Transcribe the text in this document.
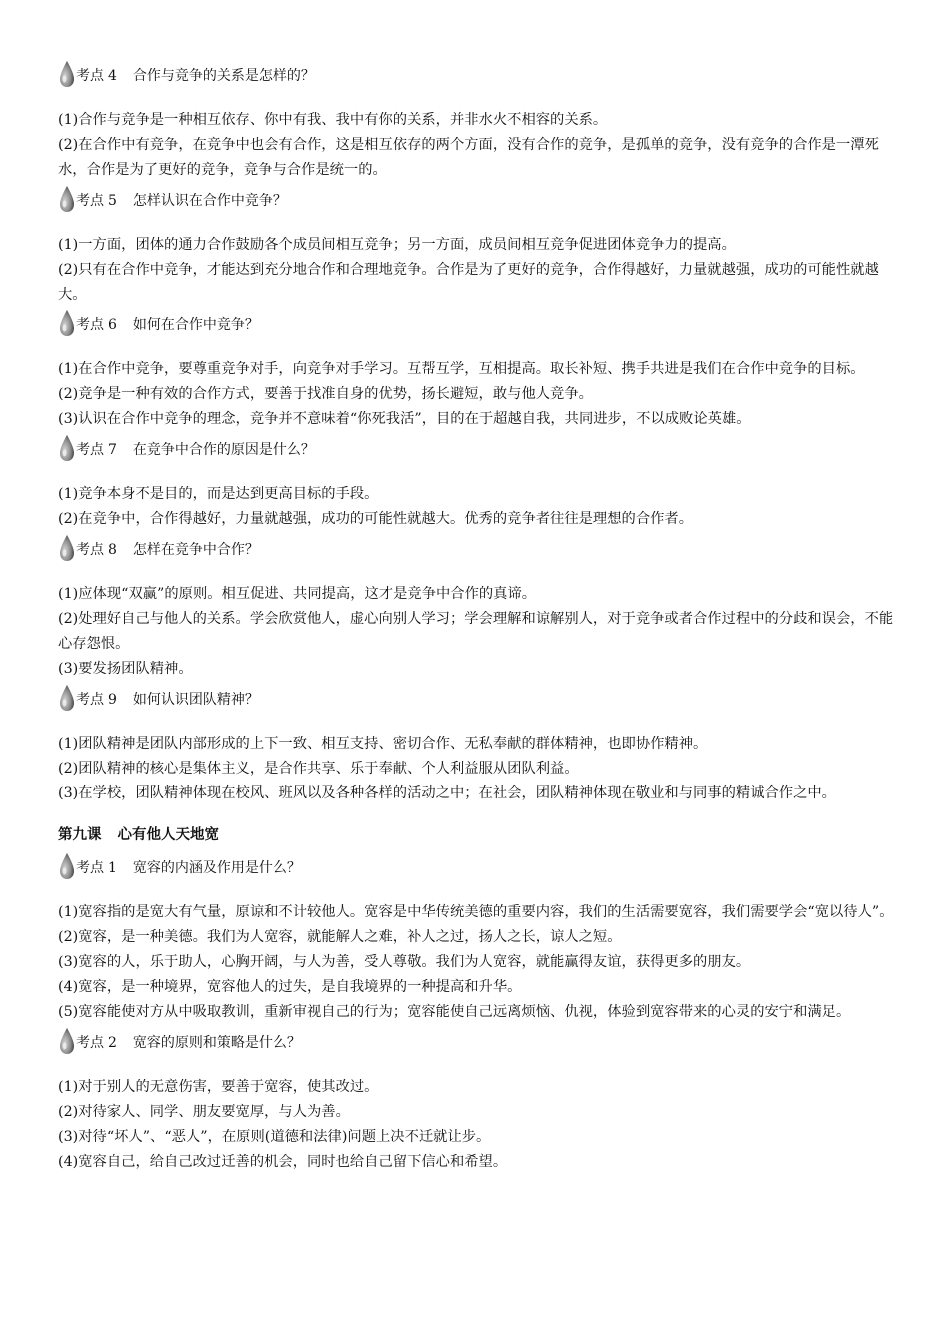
考点 4 合作与竞争的关系是怎样的？

(1)合作与竞争是一种相互依存、你中有我、我中有你的关系，并非水火不相容的关系。

(2)在合作中有竞争，在竞争中也会有合作，这是相互依存的两个方面，没有合作的竞争，是孤单的竞争，没有竞争的合作是一潭死水，合作是为了更好的竞争，竞争与合作是统一的。

考点 5 怎样认识在合作中竞争？

(1)一方面，团体的通力合作鼓励各个成员间相互竞争；另一方面，成员间相互竞争促进团体竞争力的提高。

(2)只有在合作中竞争，才能达到充分地合作和合理地竞争。合作是为了更好的竞争，合作得越好，力量就越强，成功的可能性就越大。

考点 6 如何在合作中竞争？

(1)在合作中竞争，要尊重竞争对手，向竞争对手学习。互帮互学，互相提高。取长补短、携手共进是我们在合作中竞争的目标。

(2)竞争是一种有效的合作方式，要善于找准自身的优势，扬长避短，敢与他人竞争。

(3)认识在合作中竞争的理念，竞争并不意味着“你死我活”，目的在于超越自我，共同进步，不以成败论英雄。

考点 7 在竞争中合作的原因是什么？

(1)竞争本身不是目的，而是达到更高目标的手段。

(2)在竞争中，合作得越好，力量就越强，成功的可能性就越大。优秀的竞争者往往是理想的合作者。

考点 8 怎样在竞争中合作？

(1)应体现“双赢”的原则。相互促进、共同提高，这才是竞争中合作的真谛。

(2)处理好自己与他人的关系。学会欣赏他人，虚心向别人学习；学会理解和谅解别人，对于竞争或者合作过程中的分歧和误会，不能心存怨恨。

(3)要发扬团队精神。

考点 9 如何认识团队精神？

(1)团队精神是团队内部形成的上下一致、相互支持、密切合作、无私奉献的群体精神，也即协作精神。

(2)团队精神的核心是集体主义，是合作共享、乐于奉献、个人利益服从团队利益。

(3)在学校，团队精神体现在校风、班风以及各种各样的活动之中；在社会，团队精神体现在敬业和与同事的精诚合作之中。

第九课 心有他人天地宽
考点 1 宽容的内涵及作用是什么？

(1)宽容指的是宽大有气量，原谅和不计较他人。宽容是中华传统美德的重要内容，我们的生活需要宽容，我们需要学会“宽以待人”。

(2)宽容，是一种美德。我们为人宽容，就能解人之难，补人之过，扬人之长，谅人之短。

(3)宽容的人，乐于助人，心胸开阔，与人为善，受人尊敬。我们为人宽容，就能赢得友谊，获得更多的朋友。

(4)宽容，是一种境界，宽容他人的过失，是自我境界的一种提高和升华。

(5)宽容能使对方从中吸取教训，重新审视自己的行为；宽容能使自己远离烦恼、仇视，体验到宽容带来的心灵的安宁和满足。

考点 2 宽容的原则和策略是什么？

(1)对于别人的无意伤害，要善于宽容，使其改过。

(2)对待家人、同学、朋友要宽厚，与人为善。

(3)对待“坏人”、“恶人”，在原则(道德和法律)问题上决不迁就让步。

(4)宽容自己，给自己改过迁善的机会，同时也给自己留下信心和希望。
